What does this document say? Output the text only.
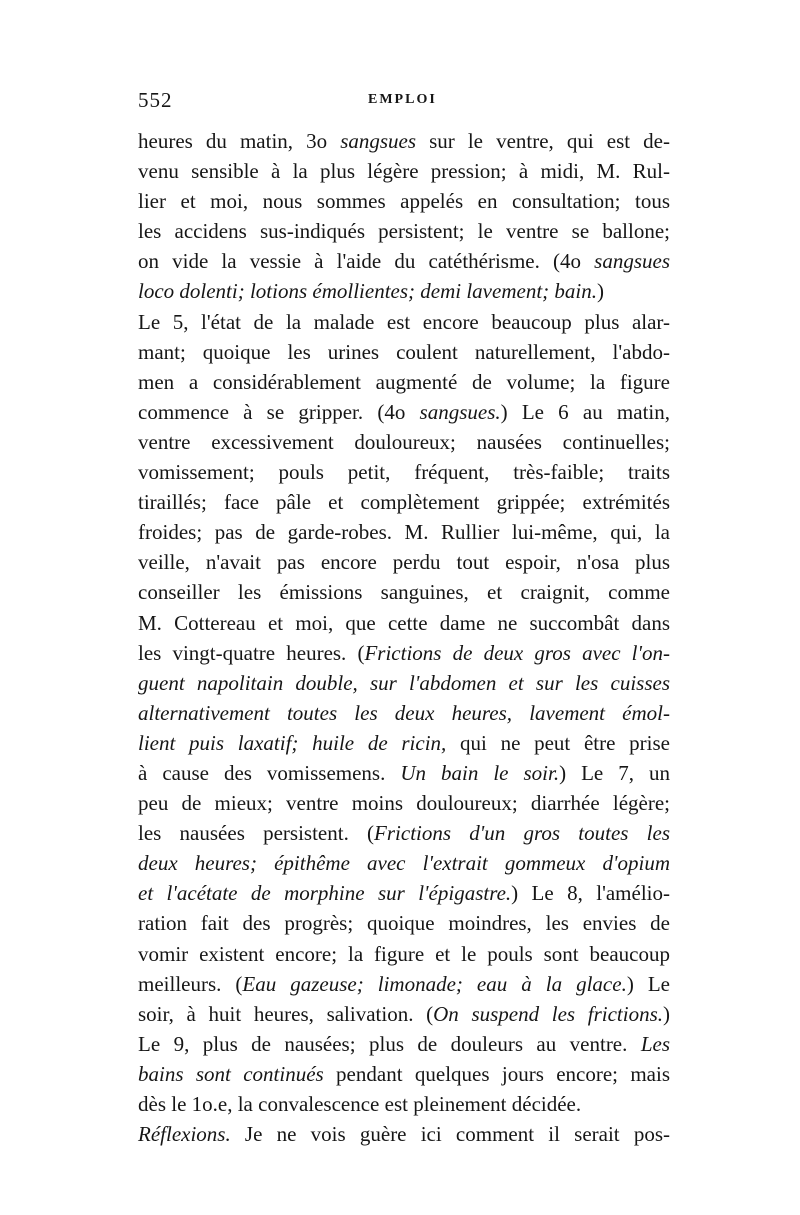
552	EMPLOI
heures du matin, 3o sangsues sur le ventre, qui est de-
venu sensible à la plus légère pression; à midi, M. Rul-
lier et moi, nous sommes appelés en consultation; tous
les accidens sus-indiqués persistent; le ventre se ballone;
on vide la vessie à l'aide du catéthérisme. (4o sangsues
loco dolenti; lotions émollientes; demi lavement; bain.)
Le 5, l'état de la malade est encore beaucoup plus alar-
mant; quoique les urines coulent naturellement, l'abdo-
men a considérablement augmenté de volume; la figure
commence à se gripper. (4o sangsues.) Le 6 au matin,
ventre excessivement douloureux; nausées continuelles;
vomissement; pouls petit, fréquent, très-faible; traits
tiraillés; face pâle et complètement grippée; extrémités
froides; pas de garde-robes. M. Rullier lui-même, qui, la
veille, n'avait pas encore perdu tout espoir, n'osa plus
conseiller les émissions sanguines, et craignit, comme
M. Cottereau et moi, que cette dame ne succombât dans
les vingt-quatre heures. (Frictions de deux gros avec l'on-
guent napolitain double, sur l'abdomen et sur les cuisses
alternativement toutes les deux heures, lavement émol-
lient puis laxatif; huile de ricin, qui ne peut être prise
à cause des vomissemens. Un bain le soir.) Le 7, un
peu de mieux; ventre moins douloureux; diarrhée légère;
les nausées persistent. (Frictions d'un gros toutes les
deux heures; épithême avec l'extrait gommeux d'opium
et l'acétate de morphine sur l'épigastre.) Le 8, l'amélio-
ration fait des progrès; quoique moindres, les envies de
vomir existent encore; la figure et le pouls sont beaucoup
meilleurs. (Eau gazeuse; limonade; eau à la glace.) Le
soir, à huit heures, salivation. (On suspend les frictions.)
Le 9, plus de nausées; plus de douleurs au ventre. Les
bains sont continués pendant quelques jours encore; mais
dès le 1o.e, la convalescence est pleinement décidée.
Réflexions. Je ne vois guère ici comment il serait pos-
